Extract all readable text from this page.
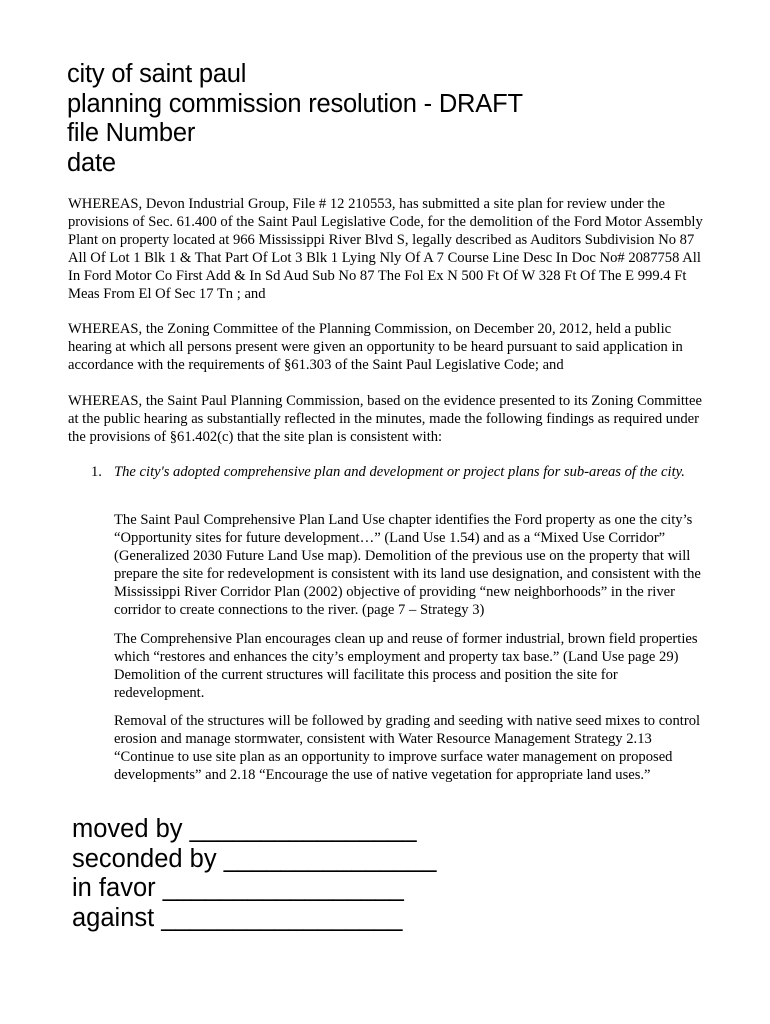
city of saint paul
planning commission resolution - DRAFT
file Number
date
WHEREAS, Devon Industrial Group, File # 12 210553, has submitted a site plan for review under the provisions of Sec. 61.400 of the Saint Paul Legislative Code, for the demolition of the Ford Motor Assembly Plant on property located at 966 Mississippi River Blvd S, legally described as Auditors Subdivision No 87 All Of Lot 1 Blk 1 & That Part Of Lot 3 Blk 1 Lying Nly Of A 7 Course Line Desc In Doc No# 2087758 All In Ford Motor Co First Add & In Sd Aud Sub No 87 The Fol Ex N 500 Ft Of W 328 Ft Of The E 999.4 Ft Meas From El Of Sec 17 Tn ; and
WHEREAS, the Zoning Committee of the Planning Commission, on December 20, 2012, held a public hearing at which all persons present were given an opportunity to be heard pursuant to said application in accordance with the requirements of §61.303 of the Saint Paul Legislative Code; and
WHEREAS, the Saint Paul Planning Commission, based on the evidence presented to its Zoning Committee at the public hearing as substantially reflected in the minutes, made the following findings as required under the provisions of §61.402(c) that the site plan is consistent with:
1. The city's adopted comprehensive plan and development or project plans for sub-areas of the city.
The Saint Paul Comprehensive Plan Land Use chapter identifies the Ford property as one the city’s “Opportunity sites for future development…” (Land Use 1.54) and as a “Mixed Use Corridor” (Generalized 2030 Future Land Use map). Demolition of the previous use on the property that will prepare the site for redevelopment is consistent with its land use designation, and consistent with the Mississippi River Corridor Plan (2002) objective of providing “new neighborhoods” in the river corridor to create connections to the river. (page 7 – Strategy 3)
The Comprehensive Plan encourages clean up and reuse of former industrial, brown field properties which “restores and enhances the city’s employment and property tax base.” (Land Use page 29) Demolition of the current structures will facilitate this process and position the site for redevelopment.
Removal of the structures will be followed by grading and seeding with native seed mixes to control erosion and manage stormwater, consistent with Water Resource Management Strategy 2.13 “Continue to use site plan as an opportunity to improve surface water management on proposed developments” and 2.18 “Encourage the use of native vegetation for appropriate land uses.”
moved by ________________
seconded by _______________
in favor _________________
against _________________
